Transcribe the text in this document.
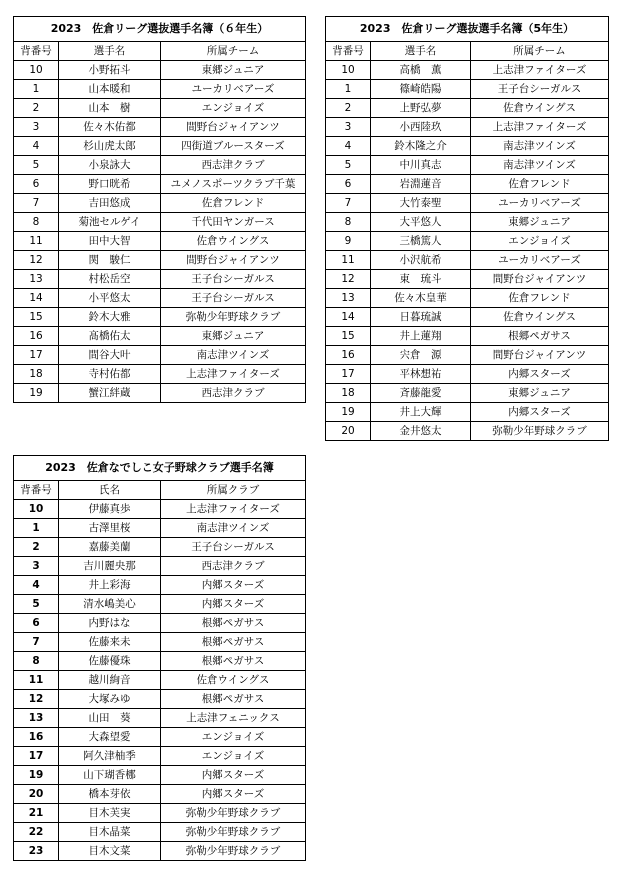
2023　佐倉リーグ選抜選手名簿（６年生）
背番号	選手名	所属チーム
10	小野拓斗	東郷ジュニア
1	山本暖和	ユーカリベアーズ
2	山本　樹	エンジョイズ
3	佐々木佑都	間野台ジャイアンツ
4	杉山虎太郎	四街道ブルースターズ
5	小泉詠大	西志津クラブ
6	野口晄希	ユメノスポーツクラブ千葉
7	吉田悠成	佐倉フレンド
8	菊池セルゲイ	千代田ヤンガース
11	田中大智	佐倉ウイングス
12	関　駿仁	間野台ジャイアンツ
13	村松岳空	王子台シーガルス
14	小平悠太	王子台シーガルス
15	鈴木大雅	弥勒少年野球クラブ
16	髙橋佑太	東郷ジュニア
17	間谷大叶	南志津ツインズ
18	寺村佑都	上志津ファイターズ
19	蟹江絆蔵	西志津クラブ
2023　佐倉リーグ選抜選手名簿（5年生）
背番号	選手名	所属チーム
10	高橋　薫	上志津ファイターズ
1	篠崎皓陽	王子台シーガルス
2	上野弘夢	佐倉ウイングス
3	小西陸玖	上志津ファイターズ
4	鈴木隆之介	南志津ツインズ
5	中川真志	南志津ツインズ
6	岩淵蓮音	佐倉フレンド
7	大竹泰聖	ユーカリベアーズ
8	大平悠人	東郷ジュニア
9	三橋篤人	エンジョイズ
11	小沢航希	ユーカリベアーズ
12	東　琉斗	間野台ジャイアンツ
13	佐々木皇華	佐倉フレンド
14	日暮琉誠	佐倉ウイングス
15	井上蓮翔	根郷ペガサス
16	宍倉　源	間野台ジャイアンツ
17	平林想祐	内郷スターズ
18	斉藤龍愛	東郷ジュニア
19	井上大輝	内郷スターズ
20	金井悠太	弥勒少年野球クラブ
2023　佐倉なでしこ女子野球クラブ選手名簿
背番号	氏名	所属クラブ
10	伊藤真歩	上志津ファイターズ
1	古澤里桜	南志津ツインズ
2	嘉藤美蘭	王子台シーガルス
3	吉川麗央那	西志津クラブ
4	井上彩海	内郷スターズ
5	清水嶋美心	内郷スターズ
6	内野はな	根郷ペガサス
7	佐藤来未	根郷ペガサス
8	佐藤優珠	根郷ペガサス
11	越川絢音	佐倉ウイングス
12	大塚みゆ	根郷ペガサス
13	山田　葵	上志津フェニックス
16	大森望愛	エンジョイズ
17	阿久津柚季	エンジョイズ
19	山下瑚香梛	内郷スターズ
20	橋本芽依	内郷スターズ
21	目木芙実	弥勒少年野球クラブ
22	目木晶菜	弥勒少年野球クラブ
23	目木文菜	弥勒少年野球クラブ
